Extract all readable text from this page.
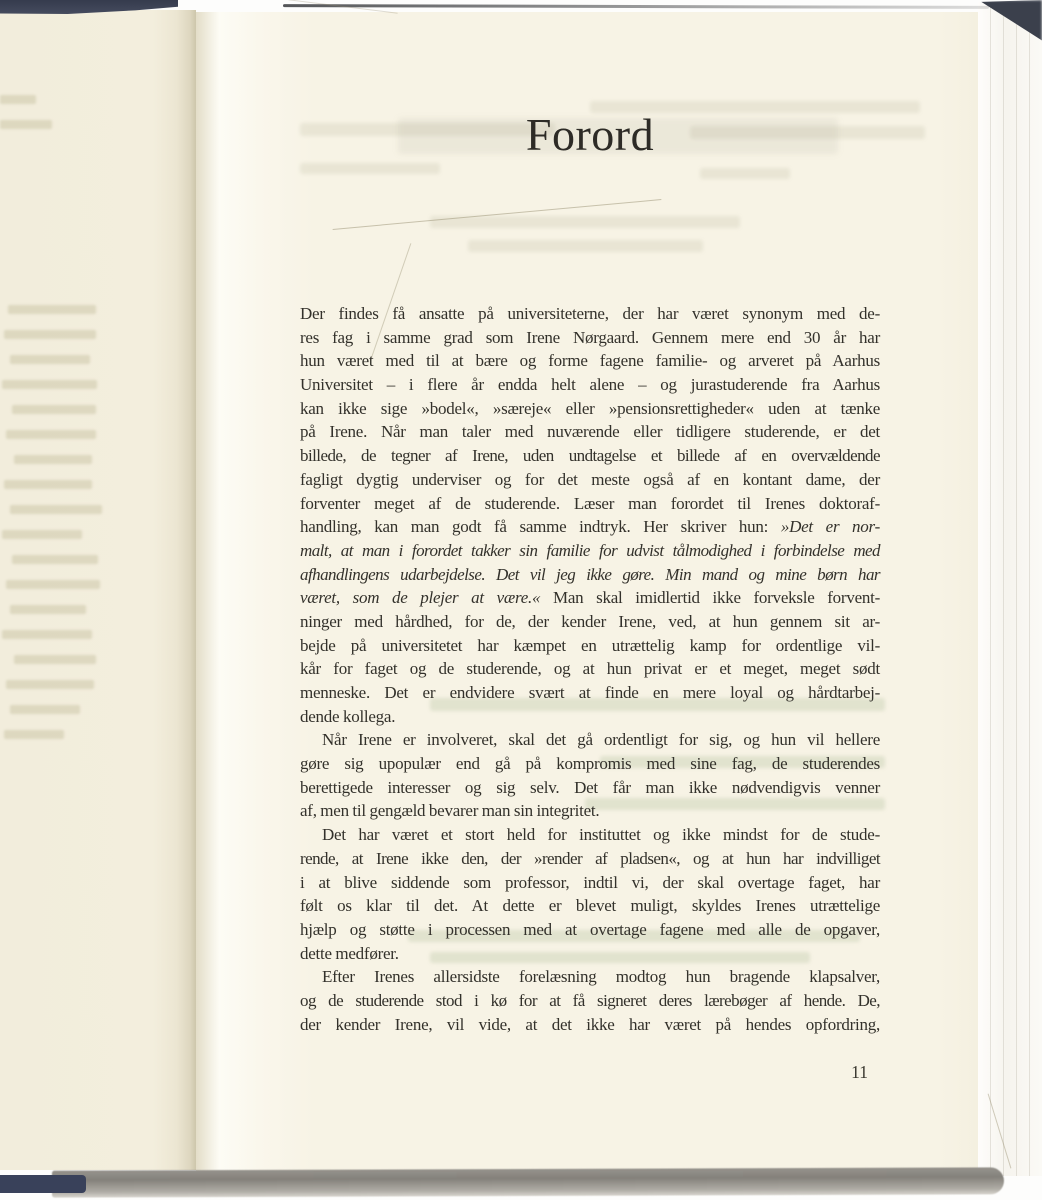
Forord
Der findes få ansatte på universiteterne, der har været synonym med de-
res fag i samme grad som Irene Nørgaard. Gennem mere end 30 år har
hun været med til at bære og forme fagene familie- og arveret på Aarhus
Universitet – i flere år endda helt alene – og jurastuderende fra Aarhus
kan ikke sige »bodel«, »særeje« eller »pensionsrettigheder« uden at tænke
på Irene. Når man taler med nuværende eller tidligere studerende, er det
billede, de tegner af Irene, uden undtagelse et billede af en overvældende
fagligt dygtig underviser og for det meste også af en kontant dame, der
forventer meget af de studerende. Læser man forordet til Irenes doktoraf-
handling, kan man godt få samme indtryk. Her skriver hun: »Det er nor-
malt, at man i forordet takker sin familie for udvist tålmodighed i forbindelse med
afhandlingens udarbejdelse. Det vil jeg ikke gøre. Min mand og mine børn har
været, som de plejer at være.« Man skal imidlertid ikke forveksle forvent-
ninger med hårdhed, for de, der kender Irene, ved, at hun gennem sit ar-
bejde på universitetet har kæmpet en utrættelig kamp for ordentlige vil-
kår for faget og de studerende, og at hun privat er et meget, meget sødt
menneske. Det er endvidere svært at finde en mere loyal og hårdtarbej-
dende kollega.
Når Irene er involveret, skal det gå ordentligt for sig, og hun vil hellere
gøre sig upopulær end gå på kompromis med sine fag, de studerendes
berettigede interesser og sig selv. Det får man ikke nødvendigvis venner
af, men til gengæld bevarer man sin integritet.
Det har været et stort held for instituttet og ikke mindst for de stude-
rende, at Irene ikke den, der »render af pladsen«, og at hun har indvilliget
i at blive siddende som professor, indtil vi, der skal overtage faget, har
følt os klar til det. At dette er blevet muligt, skyldes Irenes utrættelige
hjælp og støtte i processen med at overtage fagene med alle de opgaver,
dette medfører.
Efter Irenes allersidste forelæsning modtog hun bragende klapsalver,
og de studerende stod i kø for at få signeret deres lærebøger af hende. De,
der kender Irene, vil vide, at det ikke har været på hendes opfordring,
11
